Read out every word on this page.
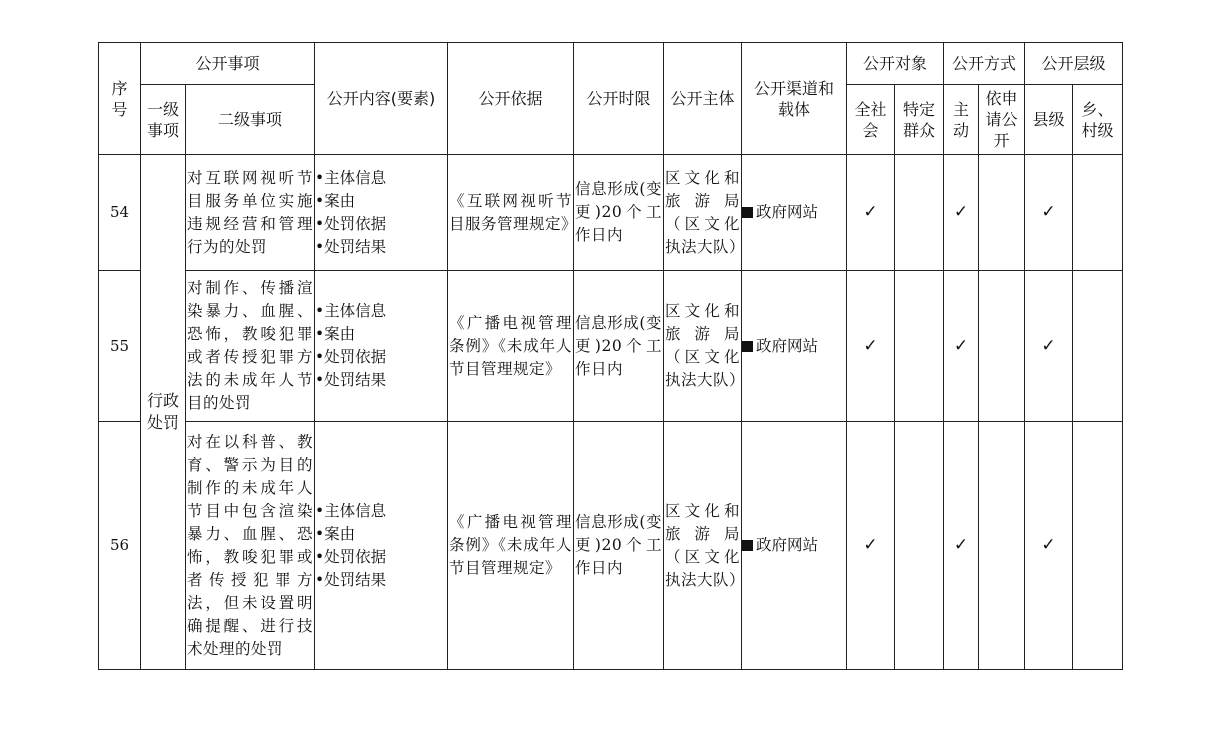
序号	公开事项		公开内容(要素)	公开依据	公开时限	公开主体	公开渠道和载体	公开对象		公开方式		公开层级	
	一级事项	二级事项						全社会	特定群众	主动	依申请公开	县级	乡、村级
54	行政处罚	对互联网视听节目服务单位实施违规经营和管理行为的处罚	•主体信息
•案由
•处罚依据
•处罚结果	《互联网视听节目服务管理规定》	信息形成(变更)20个工作日内	区文化和旅游局（区文化执法大队）	政府网站	✓		✓		✓	
55		对制作、传播渲染暴力、血腥、恐怖，教唆犯罪或者传授犯罪方法的未成年人节目的处罚	•主体信息
•案由
•处罚依据
•处罚结果	《广播电视管理条例》《未成年人节目管理规定》	信息形成(变更)20个工作日内	区文化和旅游局（区文化执法大队）	政府网站	✓		✓		✓	
56		对在以科普、教育、警示为目的制作的未成年人节目中包含渲染暴力、血腥、恐怖，教唆犯罪或者传授犯罪方法，但未设置明确提醒、进行技术处理的处罚	•主体信息
•案由
•处罚依据
•处罚结果	《广播电视管理条例》《未成年人节目管理规定》	信息形成(变更)20个工作日内	区文化和旅游局（区文化执法大队）	政府网站	✓		✓		✓	
